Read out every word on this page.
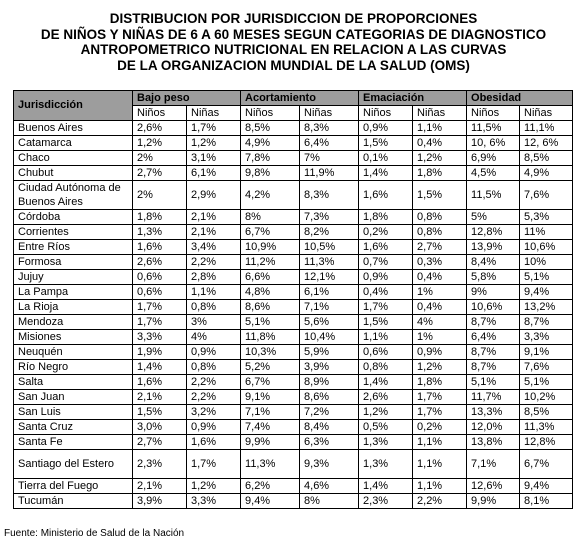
DISTRIBUCION POR JURISDICCION DE PROPORCIONES
DE NIÑOS Y NIÑAS DE 6 A 60 MESES SEGUN CATEGORIAS DE DIAGNOSTICO
ANTROPOMETRICO NUTRICIONAL EN RELACION A LAS CURVAS
DE LA ORGANIZACION MUNDIAL DE LA SALUD (OMS)
Jurisdicción	Bajo peso		Acortamiento		Emaciación		Obesidad	
	Niños	Niñas	Niños	Niñas	Niños	Niñas	Niños	Niñas
Buenos Aires	2,6%	1,7%	8,5%	8,3%	0,9%	1,1%	11,5%	11,1%
Catamarca	1,2%	1,2%	4,9%	6,4%	1,5%	0,4%	10, 6%	12, 6%
Chaco	2%	3,1%	7,8%	7%	0,1%	1,2%	6,9%	8,5%
Chubut	2,7%	6,1%	9,8%	11,9%	1,4%	1,8%	4,5%	4,9%
Ciudad Autónoma de Buenos Aires	2%	2,9%	4,2%	8,3%	1,6%	1,5%	11,5%	7,6%
Córdoba	1,8%	2,1%	8%	7,3%	1,8%	0,8%	5%	5,3%
Corrientes	1,3%	2,1%	6,7%	8,2%	0,2%	0,8%	12,8%	11%
Entre Ríos	1,6%	3,4%	10,9%	10,5%	1,6%	2,7%	13,9%	10,6%
Formosa	2,6%	2,2%	11,2%	11,3%	0,7%	0,3%	8,4%	10%
Jujuy	0,6%	2,8%	6,6%	12,1%	0,9%	0,4%	5,8%	5,1%
La Pampa	0,6%	1,1%	4,8%	6,1%	0,4%	1%	9%	9,4%
La Rioja	1,7%	0,8%	8,6%	7,1%	1,7%	0,4%	10,6%	13,2%
Mendoza	1,7%	3%	5,1%	5,6%	1,5%	4%	8,7%	8,7%
Misiones	3,3%	4%	11,8%	10,4%	1,1%	1%	6,4%	3,3%
Neuquén	1,9%	0,9%	10,3%	5,9%	0,6%	0,9%	8,7%	9,1%
Río Negro	1,4%	0,8%	5,2%	3,9%	0,8%	1,2%	8,7%	7,6%
Salta	1,6%	2,2%	6,7%	8,9%	1,4%	1,8%	5,1%	5,1%
San Juan	2,1%	2,2%	9,1%	8,6%	2,6%	1,7%	11,7%	10,2%
San Luis	1,5%	3,2%	7,1%	7,2%	1,2%	1,7%	13,3%	8,5%
Santa Cruz	3,0%	0,9%	7,4%	8,4%	0,5%	0,2%	12,0%	11,3%
Santa Fe	2,7%	1,6%	9,9%	6,3%	1,3%	1,1%	13,8%	12,8%
Santiago del Estero	2,3%	1,7%	11,3%	9,3%	1,3%	1,1%	7,1%	6,7%
Tierra del Fuego	2,1%	1,2%	6,2%	4,6%	1,4%	1,1%	12,6%	9,4%
Tucumán	3,9%	3,3%	9,4%	8%	2,3%	2,2%	9,9%	8,1%
Fuente: Ministerio de Salud de la Nación
